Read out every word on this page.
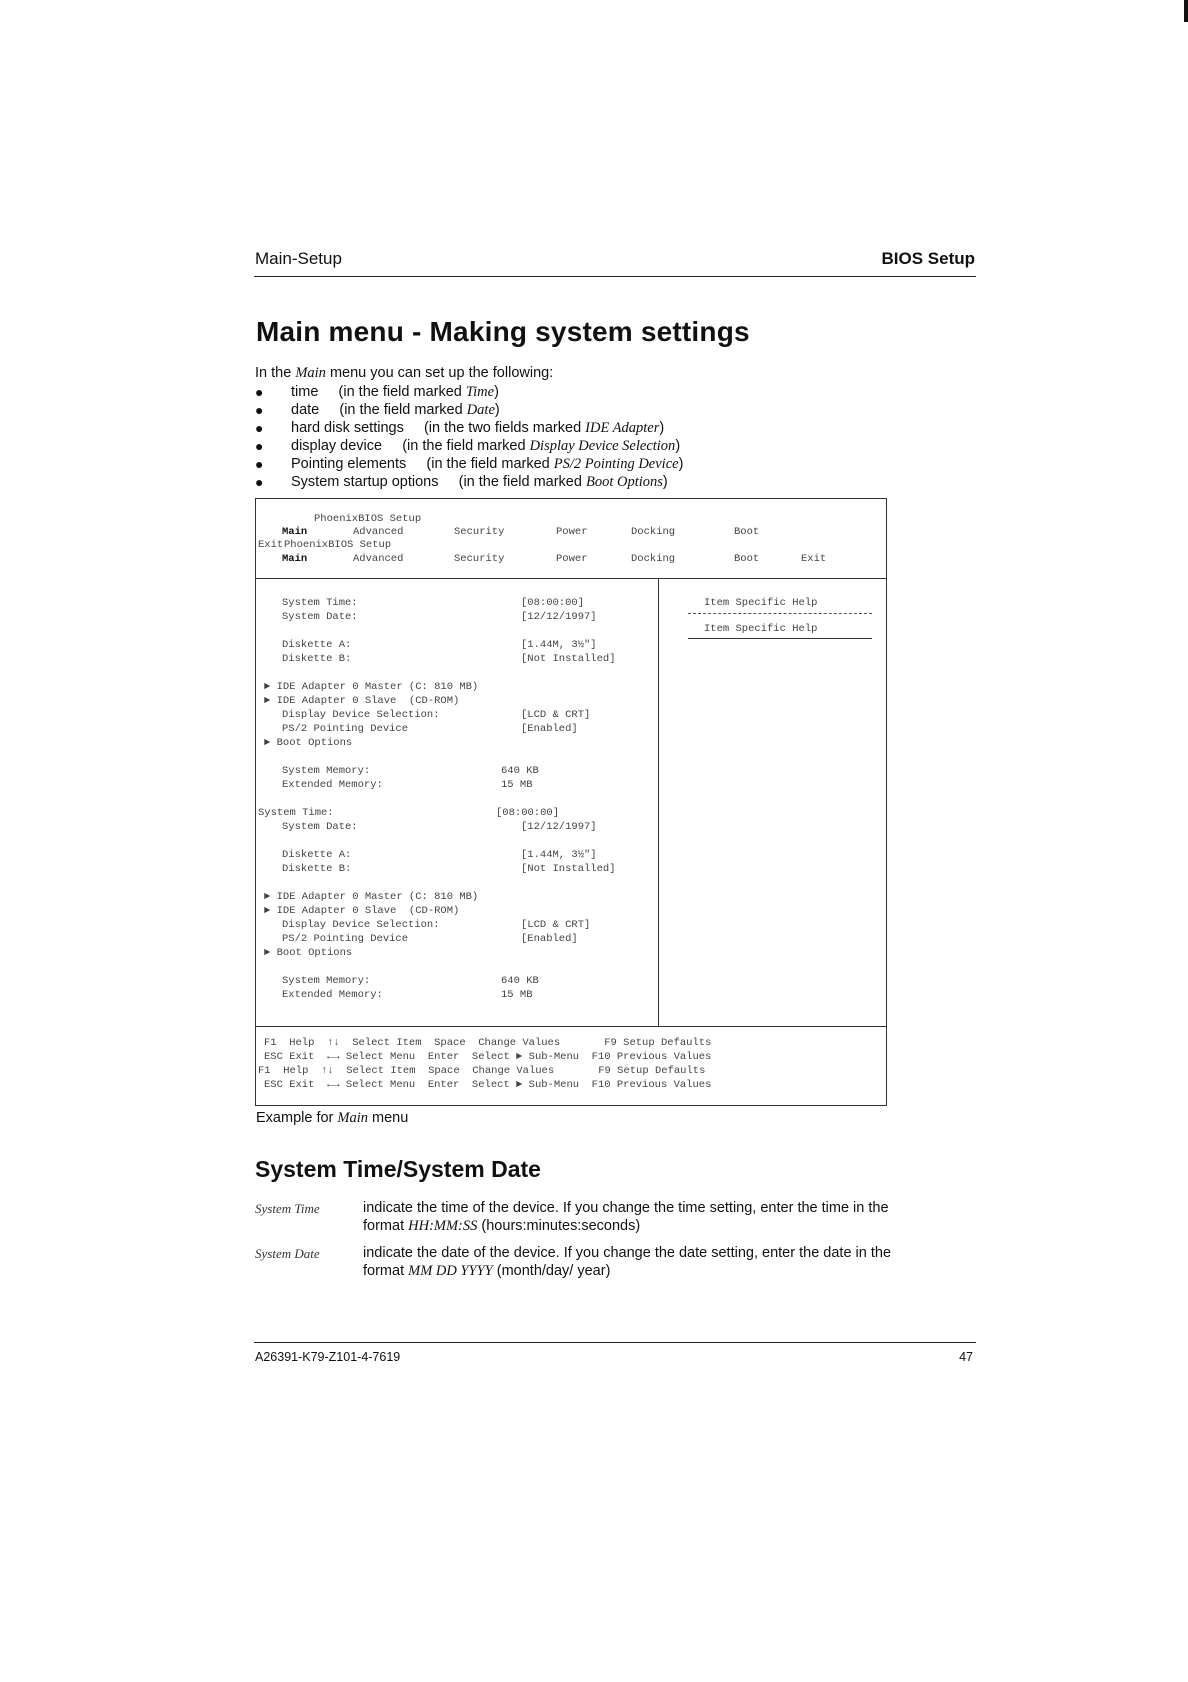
Main-Setup	BIOS Setup
Main menu - Making system settings
In the Main menu you can set up the following:
● time     (in the field marked Time)
● date     (in the field marked Date)
● hard disk settings     (in the two fields marked IDE Adapter)
● display device     (in the field marked Display Device Selection)
● Pointing elements     (in the field marked PS/2 Pointing Device)
● System startup options     (in the field marked Boot Options)
PhoenixBIOS Setup

Main

	Advanced

	Security

	Power

	Docking

	Boot

Exit PhoenixBIOS Setup

Main

	Advanced

	Security

	Power

	Docking

	Boot

	Exit

Item Specific Help
Item Specific Help
System Time:	[08:00:00]
System Date:	[12/12/1997]
Diskette A:	[1.44M, 3½"]
Diskette B:	[Not Installed]
► IDE Adapter 0 Master (C: 810 MB)
► IDE Adapter 0 Slave  (CD-ROM)
Display Device Selection:	[LCD & CRT]
PS/2 Pointing Device	[Enabled]
► Boot Options
System Memory:	640 KB
Extended Memory:	15 MB
System Time:	[08:00:00]
System Date:	[12/12/1997]
Diskette A:	[1.44M, 3½"]
Diskette B:	[Not Installed]
► IDE Adapter 0 Master (C: 810 MB)
► IDE Adapter 0 Slave  (CD-ROM)
Display Device Selection:	[LCD & CRT]
PS/2 Pointing Device	[Enabled]
► Boot Options
System Memory:	640 KB
Extended Memory:	15 MB
F1  Help  ↑↓  Select Item  Space  Change Values       F9 Setup Defaults
ESC Exit  ←→ Select Menu  Enter  Select ► Sub-Menu  F10 Previous Values
F1  Help  ↑↓  Select Item  Space  Change Values       F9 Setup Defaults
ESC Exit  ←→ Select Menu  Enter  Select ► Sub-Menu  F10 Previous Values
Example for Main menu
System Time/System Date
System Time	indicate the time of the device. If you change the time setting, enter the time in the
format HH:MM:SS (hours:minutes:seconds)
System Date	indicate the date of the device. If you change the date setting, enter the date in the
format MM DD YYYY (month/day/ year)
A26391-K79-Z101-4-7619	47
